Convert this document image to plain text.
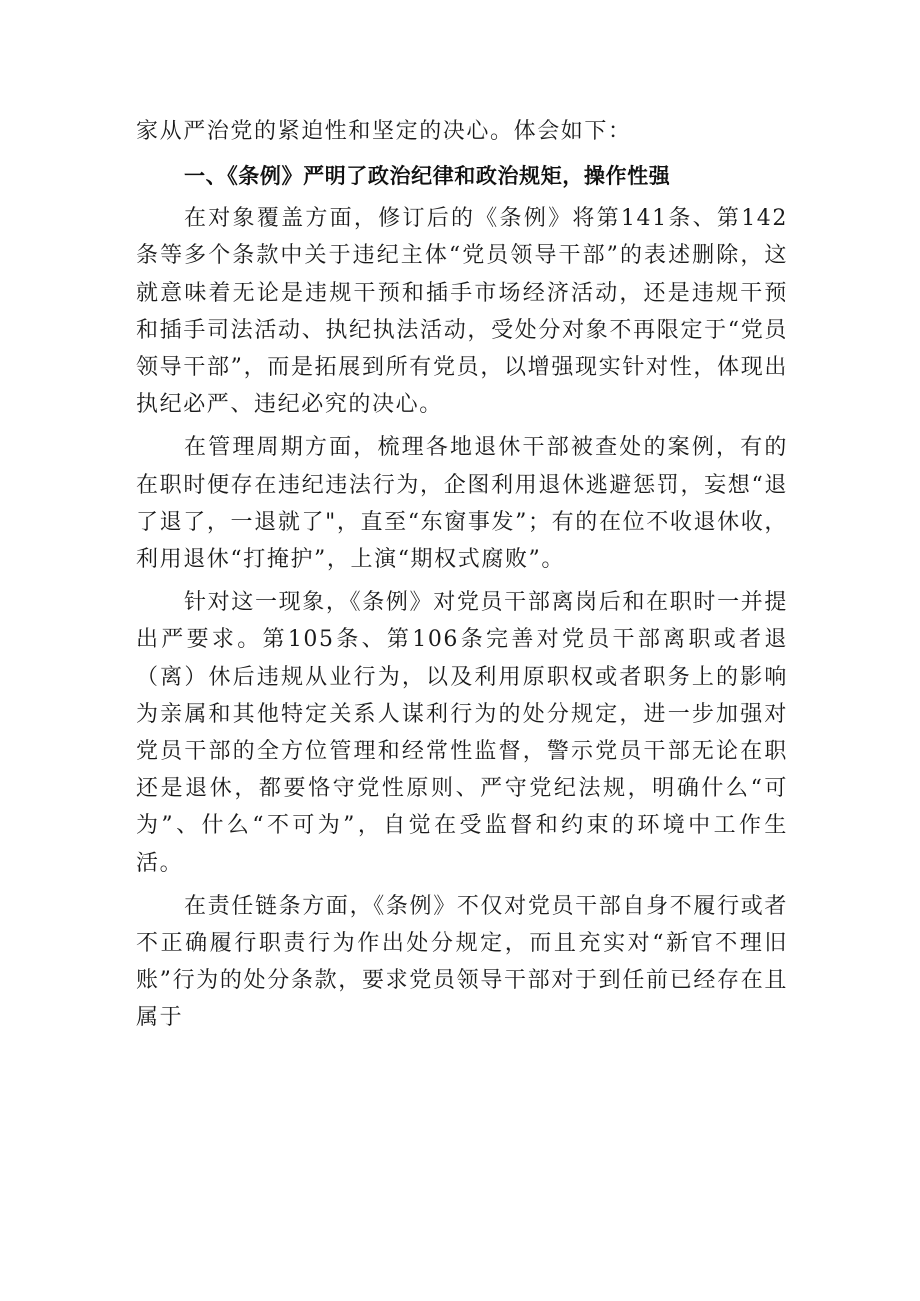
家从严治党的紧迫性和坚定的决心。体会如下：

一、《条例》严明了政治纪律和政治规矩，操作性强

在对象覆盖方面，修订后的《条例》将第141条、第142条等多个条款中关于违纪主体“党员领导干部”的表述删除，这就意味着无论是违规干预和插手市场经济活动，还是违规干预和插手司法活动、执纪执法活动，受处分对象不再限定于“党员领导干部”，而是拓展到所有党员，以增强现实针对性，体现出执纪必严、违纪必究的决心。

在管理周期方面，梳理各地退休干部被查处的案例，有的在职时便存在违纪违法行为，企图利用退休逃避惩罚，妄想“退了退了，一退就了"，直至“东窗事发”；有的在位不收退休收，利用退休“打掩护”，上演“期权式腐败”。

针对这一现象，《条例》对党员干部离岗后和在职时一并提出严要求。第105条、第106条完善对党员干部离职或者退（离）休后违规从业行为，以及利用原职权或者职务上的影响为亲属和其他特定关系人谋利行为的处分规定，进一步加强对党员干部的全方位管理和经常性监督，警示党员干部无论在职还是退休，都要恪守党性原则、严守党纪法规，明确什么“可为”、什么“不可为”，自觉在受监督和约束的环境中工作生活。

在责任链条方面，《条例》不仅对党员干部自身不履行或者不正确履行职责行为作出处分规定，而且充实对“新官不理旧账”行为的处分条款，要求党员领导干部对于到任前已经存在且属于
